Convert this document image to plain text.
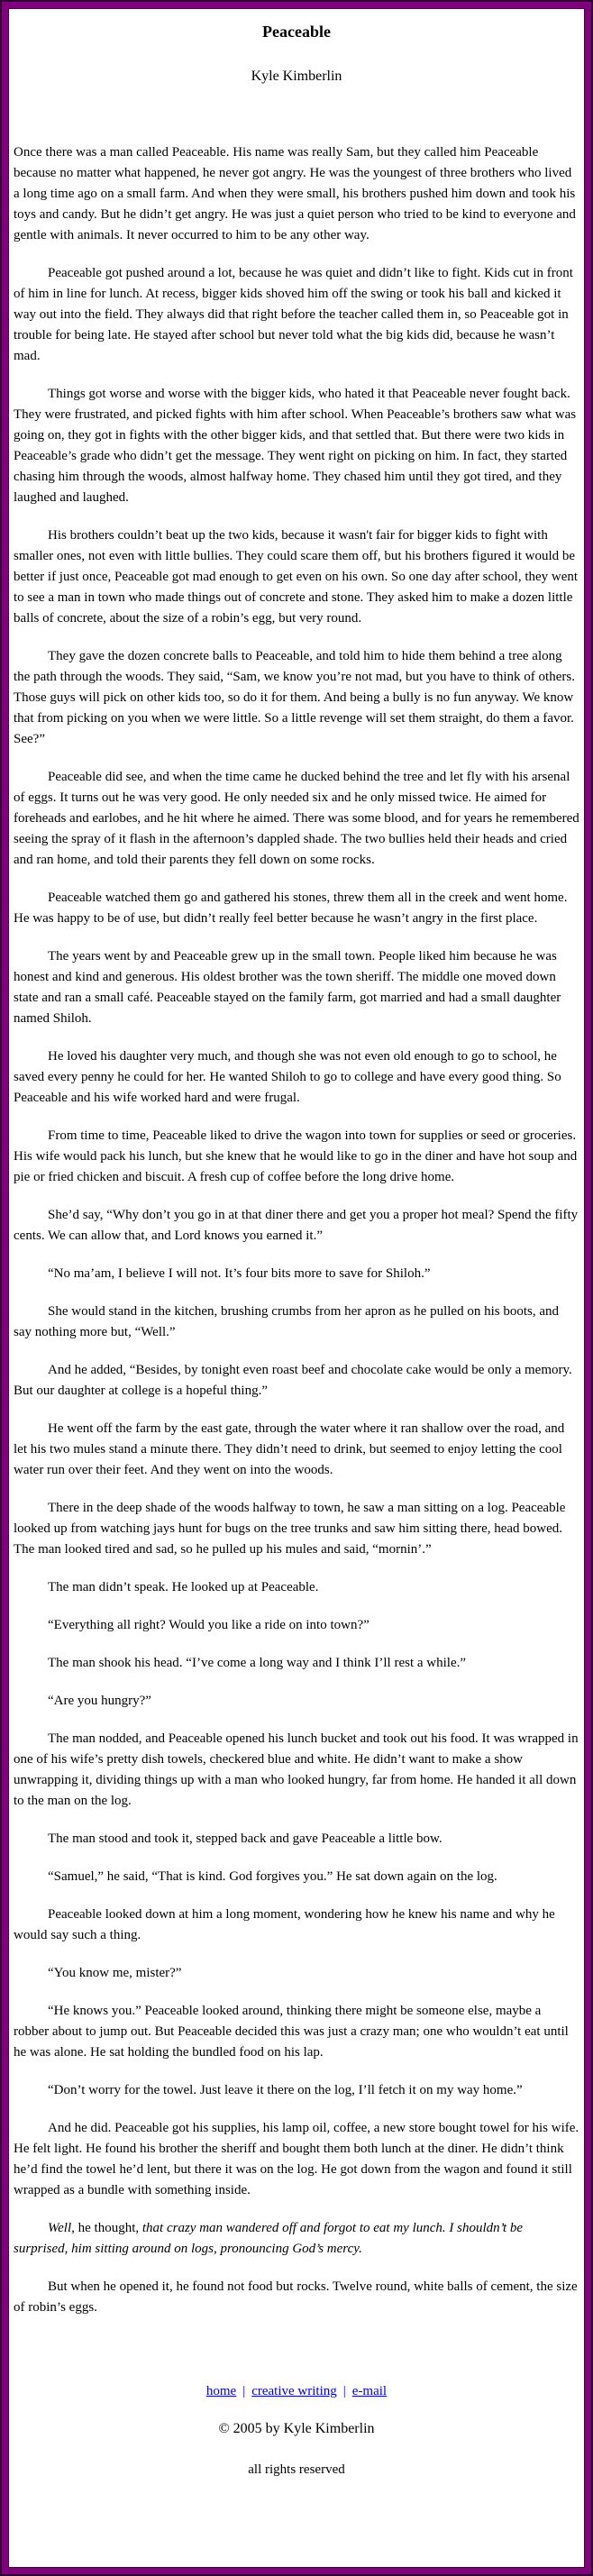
Peaceable
Kyle Kimberlin

Once there was a man called Peaceable. His name was really Sam, but they called him Peaceable because no matter what happened, he never got angry. He was the youngest of three brothers who lived a long time ago on a small farm. And when they were small, his brothers pushed him down and took his toys and candy. But he didn’t get angry. He was just a quiet person who tried to be kind to everyone and gentle with animals. It never occurred to him to be any other way.

Peaceable got pushed around a lot, because he was quiet and didn’t like to fight. Kids cut in front of him in line for lunch. At recess, bigger kids shoved him off the swing or took his ball and kicked it way out into the field. They always did that right before the teacher called them in, so Peaceable got in trouble for being late. He stayed after school but never told what the big kids did, because he wasn’t mad.

Things got worse and worse with the bigger kids, who hated it that Peaceable never fought back. They were frustrated, and picked fights with him after school. When Peaceable’s brothers saw what was going on, they got in fights with the other bigger kids, and that settled that. But there were two kids in Peaceable’s grade who didn’t get the message. They went right on picking on him. In fact, they started chasing him through the woods, almost halfway home. They chased him until they got tired, and they laughed and laughed.

His brothers couldn’t beat up the two kids, because it wasn't fair for bigger kids to fight with smaller ones, not even with little bullies. They could scare them off, but his brothers figured it would be better if just once, Peaceable got mad enough to get even on his own. So one day after school, they went to see a man in town who made things out of concrete and stone. They asked him to make a dozen little balls of concrete, about the size of a robin’s egg, but very round.

They gave the dozen concrete balls to Peaceable, and told him to hide them behind a tree along the path through the woods. They said, “Sam, we know you’re not mad, but you have to think of others. Those guys will pick on other kids too, so do it for them. And being a bully is no fun anyway. We know that from picking on you when we were little. So a little revenge will set them straight, do them a favor. See?”

Peaceable did see, and when the time came he ducked behind the tree and let fly with his arsenal of eggs. It turns out he was very good. He only needed six and he only missed twice. He aimed for foreheads and earlobes, and he hit where he aimed. There was some blood, and for years he remembered seeing the spray of it flash in the afternoon’s dappled shade. The two bullies held their heads and cried and ran home, and told their parents they fell down on some rocks.

Peaceable watched them go and gathered his stones, threw them all in the creek and went home. He was happy to be of use, but didn’t really feel better because he wasn’t angry in the first place.

The years went by and Peaceable grew up in the small town. People liked him because he was honest and kind and generous. His oldest brother was the town sheriff. The middle one moved down state and ran a small café. Peaceable stayed on the family farm, got married and had a small daughter named Shiloh.

He loved his daughter very much, and though she was not even old enough to go to school, he saved every penny he could for her. He wanted Shiloh to go to college and have every good thing. So Peaceable and his wife worked hard and were frugal.

From time to time, Peaceable liked to drive the wagon into town for supplies or seed or groceries. His wife would pack his lunch, but she knew that he would like to go in the diner and have hot soup and pie or fried chicken and biscuit. A fresh cup of coffee before the long drive home.

She’d say, “Why don’t you go in at that diner there and get you a proper hot meal? Spend the fifty cents. We can allow that, and Lord knows you earned it.”

“No ma’am, I believe I will not. It’s four bits more to save for Shiloh.”

She would stand in the kitchen, brushing crumbs from her apron as he pulled on his boots, and say nothing more but, “Well.”

And he added, “Besides, by tonight even roast beef and chocolate cake would be only a memory. But our daughter at college is a hopeful thing.”

He went off the farm by the east gate, through the water where it ran shallow over the road, and let his two mules stand a minute there. They didn’t need to drink, but seemed to enjoy letting the cool water run over their feet. And they went on into the woods.

There in the deep shade of the woods halfway to town, he saw a man sitting on a log. Peaceable looked up from watching jays hunt for bugs on the tree trunks and saw him sitting there, head bowed. The man looked tired and sad, so he pulled up his mules and said, “mornin’.”

The man didn’t speak. He looked up at Peaceable.

“Everything all right? Would you like a ride on into town?”

The man shook his head. “I’ve come a long way and I think I’ll rest a while.”

“Are you hungry?”

The man nodded, and Peaceable opened his lunch bucket and took out his food. It was wrapped in one of his wife’s pretty dish towels, checkered blue and white. He didn’t want to make a show unwrapping it, dividing things up with a man who looked hungry, far from home. He handed it all down to the man on the log.

The man stood and took it, stepped back and gave Peaceable a little bow.

“Samuel,” he said, “That is kind. God forgives you.” He sat down again on the log.

Peaceable looked down at him a long moment, wondering how he knew his name and why he would say such a thing.

“You know me, mister?”

“He knows you.” Peaceable looked around, thinking there might be someone else, maybe a robber about to jump out. But Peaceable decided this was just a crazy man; one who wouldn’t eat until he was alone. He sat holding the bundled food on his lap.

“Don’t worry for the towel. Just leave it there on the log, I’ll fetch it on my way home.”

And he did. Peaceable got his supplies, his lamp oil, coffee, a new store bought towel for his wife. He felt light. He found his brother the sheriff and bought them both lunch at the diner. He didn’t think he’d find the towel he’d lent, but there it was on the log. He got down from the wagon and found it still wrapped as a bundle with something inside.

Well, he thought, that crazy man wandered off and forgot to eat my lunch. I shouldn’t be surprised, him sitting around on logs, pronouncing God’s mercy.

But when he opened it, he found not food but rocks. Twelve round, white balls of cement, the size of robin’s eggs.

home | creative writing | e-mail
© 2005 by Kyle Kimberlin
all rights reserved
